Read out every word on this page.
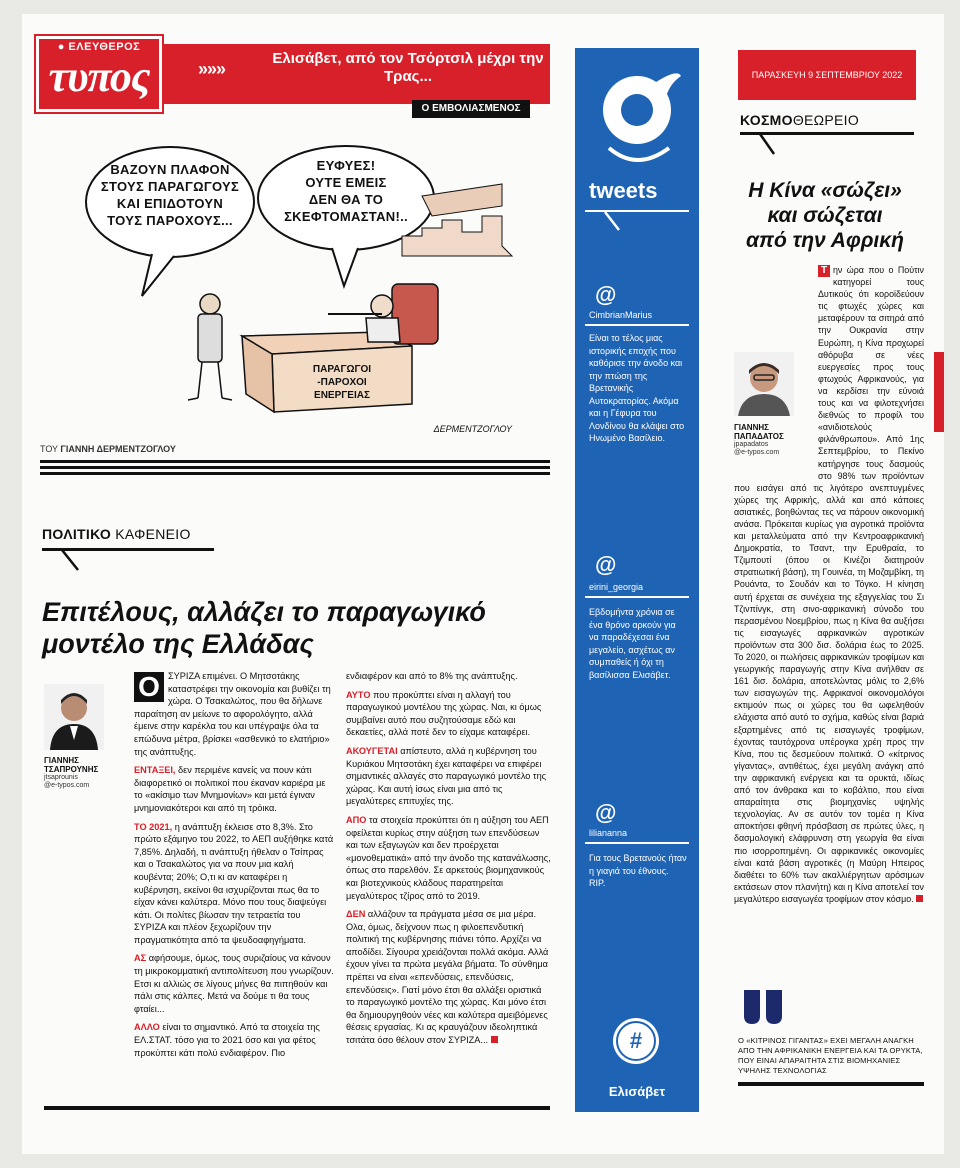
● ΕΛΕΥΘΕΡΟΣ
τυπος	»»»
Ελισάβετ, από τον Τσόρτσιλ μέχρι την Τρας...
Ο ΕΜΒΟΛΙΑΣΜΕΝΟΣ
ΒΑΖΟΥΝ ΠΛΑΦΟΝ
ΣΤΟΥΣ ΠΑΡΑΓΩΓΟΥΣ
ΚΑΙ ΕΠΙΔΟΤΟΥΝ
ΤΟΥΣ ΠΑΡΟΧΟΥΣ...
ΕΥΦΥΕΣ!
ΟΥΤΕ ΕΜΕΙΣ
ΔΕΝ ΘΑ ΤΟ
ΣΚΕΦΤΟΜΑΣΤΑΝ!..
ΠΑΡΑΓΩΓΟΙ
-ΠΑΡΟΧΟΙ
ΕΝΕΡΓΕΙΑΣ
ΔΕΡΜΕΝΤΖΟΓΛΟΥ
ΤΟΥ ΓΙΑΝΝΗ ΔΕΡΜΕΝΤΖΟΓΛΟΥ
ΠΟΛΙΤΙΚΟ ΚΑΦΕΝΕΙΟ
Επιτέλους, αλλάζει το παραγωγικό
μοντέλο της Ελλάδας
ΓΙΑΝΝΗΣ
ΤΣΑΠΡΟΥΝΗΣ
jtsaprounis
@e-typos.com

Ο ΣΥΡΙΖΑ επιμένει. Ο Μητσοτάκης καταστρέφει την οικονομία και βυθίζει τη χώρα. Ο Τσακαλώτος, που θα δήλωνε παραίτηση αν μείωνε το αφορολόγητο, αλλά έμεινε στην καρέκλα του και υπέγραψε όλα τα επώδυνα μέτρα, βρίσκει «ασθενικό το ελατήριο» της ανάπτυξης.

ΕΝΤΑΞΕΙ, δεν περιμένε κανείς να πουν κάτι διαφορετικό οι πολιτικοί που έκαναν καριέρα με το «ακίσιμο των Μνημονίων» και μετά έγιναν μνημονιακότεροι και από τη τρόικα.

ΤΟ 2021, η ανάπτυξη έκλεισε στο 8,3%. Στο πρώτο εξάμηνο του 2022, το ΑΕΠ αυξήθηκε κατά 7,85%. Δηλαδή, τι ανάπτυξη ήθελαν ο Τσίπρας και ο Τσακαλώτος για να πουν μια καλή κουβέντα; 20%; Ο,τι κι αν καταφέρει η κυβέρνηση, εκείνοι θα ισχυρίζονται πως θα το είχαν κάνει καλύτερα. Μόνο που τους διαψεύγει κάτι. Οι πολίτες βίωσαν την τετραετία του ΣΥΡΙΖΑ και πλέον ξεχωρίζουν την πραγματικότητα από τα ψευδοαφηγήματα.

ΑΣ αφήσουμε, όμως, τους συριζαίους να κάνουν τη μικροκομματική αντιπολίτευση που γνωρίζουν. Ετσι κι αλλιώς σε λίγους μήνες θα πιπηθούν και πάλι στις κάλπες. Μετά να δούμε τι θα τους φταίει...

ΑΛΛΟ είναι το σημαντικό. Από τα στοιχεία της ΕΛ.ΣΤΑΤ. τόσο για το 2021 όσο και για φέτος προκύπτει κάτι πολύ ενδιαφέρον. Πιο

ενδιαφέρον και από το 8% της ανάπτυξης.

ΑΥΤΟ που προκύπτει είναι η αλλαγή του παραγωγικού μοντέλου της χώρας. Ναι, κι όμως συμβαίνει αυτό που συζητούσαμε εδώ και δεκαετίες, αλλά ποτέ δεν το είχαμε καταφέρει.

ΑΚΟΥΓΕΤΑΙ απίστευτο, αλλά η κυβέρνηση του Κυριάκου Μητσοτάκη έχει καταφέρει να επιφέρει σημαντικές αλλαγές στο παραγωγικό μοντέλο της χώρας. Και αυτή ίσως είναι μια από τις μεγαλύτερες επιτυχίες της.

ΑΠΟ τα στοιχεία προκύπτει ότι η αύξηση του ΑΕΠ οφείλεται κυρίως στην αύξηση των επενδύσεων και των εξαγωγών και δεν προέρχεται «μονοθεματικά» από την άνοδο της κατανάλωσης, όπως στο παρελθόν. Σε αρκετούς βιομηχανικούς και βιοτεχνικούς κλάδους παρατηρείται μεγαλύτερος τζίρος από το 2019.

ΔΕΝ αλλάζουν τα πράγματα μέσα σε μια μέρα. Ολα, όμως, δείχνουν πως η φιλοεπενδυτική πολιτική της κυβέρνησης πιάνει τόπο. Αρχίζει να αποδίδει. Σίγουρα χρειάζονται πολλά ακόμα. Αλλά έχουν γίνει τα πρώτα μεγάλα βήματα. Το σύνθημα πρέπει να είναι «επενδύσεις, επενδύσεις, επενδύσεις». Γιατί μόνο έτσι θα αλλάξει οριστικά το παραγωγικό μοντέλο της χώρας. Και μόνο έτσι θα δημιουργηθούν νέες και καλύτερα αμειβόμενες θέσεις εργασίας. Κι ας κραυγάζουν ιδεοληπτικά τσιτάτα όσο θέλουν στον ΣΥΡΙΖΑ...

tweets
@
CimbrianMarius
Είναι το τέλος μιας ιστορικής εποχής που καθόρισε την άνοδο και την πτώση της Βρετανικής Αυτοκρατορίας. Ακόμα και η Γέφυρα του Λονδίνου θα κλάψει στο Ηνωμένο Βασίλειο.
@
eirini_georgia
Εβδομήντα χρόνια σε ένα θρόνο αρκούν για να παραδέχεσαι ένα μεγαλείο, ασχέτως αν συμπαθείς ή όχι τη βασίλισσα Ελισάβετ.
@
liliananna
Για τους Βρετανούς ήταν η γιαγιά του έθνους. RIP.
#
Ελισάβετ
ΠΑΡΑΣΚΕΥΗ 9 ΣΕΠΤΕΜΒΡΙΟΥ 2022
ΚΟΣΜΟΘΕΩΡΕΙΟ
Η Κίνα «σώζει»
και σώζεται
από την Αφρική
ΓΙΑΝΝΗΣ
ΠΑΠΑΔΑΤΟΣ
jpapadatos
@e-typos.com
Τ ην ώρα που ο Πούτιν κατηγορεί τους Δυτικούς ότι κοροϊδεύουν τις φτωχές χώρες και μεταφέρουν τα σιτηρά από την Ουκρανία στην Ευρώπη, η Κίνα προχωρεί αθόρυβα σε νέες ευεργεσίες προς τους φτωχούς Αφρικανούς, για να κερδίσει την εύνοιά τους και να φιλοτεχνήσει διεθνώς το προφίλ του «ανιδιοτελούς φιλάνθρωπου». Από 1ης Σεπτεμβρίου, το Πεκίνο κατήργησε τους δασμούς στο 98% των προϊόντων που εισάγει από τις λιγότερο ανεπτυγμένες χώρες της Αφρικής, αλλά και από κάποιες ασιατικές, βοηθώντας τες να πάρουν οικονομική ανάσα. Πρόκειται κυρίως για αγροτικά προϊόντα και μεταλλεύματα από την Κεντροαφρικανική Δημοκρατία, το Τσαντ, την Ερυθραία, το Τζιμπουτί (όπου οι Κινέζοι διατηρούν στρατιωτική βάση), τη Γουινέα, τη Μοζαμβίκη, τη Ρουάντα, το Σουδάν και το Τόγκο. Η κίνηση αυτή έρχεται σε συνέχεια της εξαγγελίας του Σι Τζινπίνγκ, στη σινο-αφρικανική σύνοδο του περασμένου Νοεμβρίου, πως η Κίνα θα αυξήσει τις εισαγωγές αφρικανικών αγροτικών προϊόντων στα 300 δισ. δολάρια έως το 2025. Το 2020, οι πωλήσεις αφρικανικών τροφίμων και γεωργικής παραγωγής στην Κίνα ανήλθαν σε 161 δισ. δολάρια, αποτελώντας μόλις το 2,6% των εισαγωγών της. Αφρικανοί οικονομολόγοι εκτιμούν πως οι χώρες του θα ωφεληθούν ελάχιστα από αυτό το σχήμα, καθώς είναι βαριά εξαρτημένες από τις εισαγωγές τροφίμων, έχοντας ταυτόχρονα υπέρογκα χρέη προς την Κίνα, που τις δεσμεύουν πολιτικά. Ο «κίτρινος γίγαντας», αντιθέτως, έχει μεγάλη ανάγκη από την αφρικανική ενέργεια και τα ορυκτά, ιδίως από τον άνθρακα και το κοβάλτιο, που είναι απαραίτητα στις βιομηχανίες υψηλής τεχνολογίας. Αν σε αυτόν τον τομέα η Κίνα αποκτήσει φθηνή πρόσβαση σε πρώτες ύλες, η δασμολογική ελάφρυνση στη γεωργία θα είναι πιο ισορροπημένη. Οι αφρικανικές οικονομίες είναι κατά βάση αγροτικές (η Μαύρη Ηπειρος διαθέτει το 60% των ακαλλιέργητων αρόσιμων εκτάσεων στον πλανήτη) και η Κίνα αποτελεί τον μεγαλύτερο εισαγωγέα τροφίμων στον κόσμο.
Ο «ΚΙΤΡΙΝΟΣ ΓΙΓΑΝΤΑΣ» ΕΧΕΙ ΜΕΓΑΛΗ ΑΝΑΓΚΗ ΑΠΟ ΤΗΝ ΑΦΡΙΚΑΝΙΚΗ ΕΝΕΡΓΕΙΑ ΚΑΙ ΤΑ ΟΡΥΚΤΑ, ΠΟΥ ΕΙΝΑΙ ΑΠΑΡΑΙΤΗΤΑ ΣΤΙΣ ΒΙΟΜΗΧΑΝΙΕΣ ΥΨΗΛΗΣ ΤΕΧΝΟΛΟΓΙΑΣ
